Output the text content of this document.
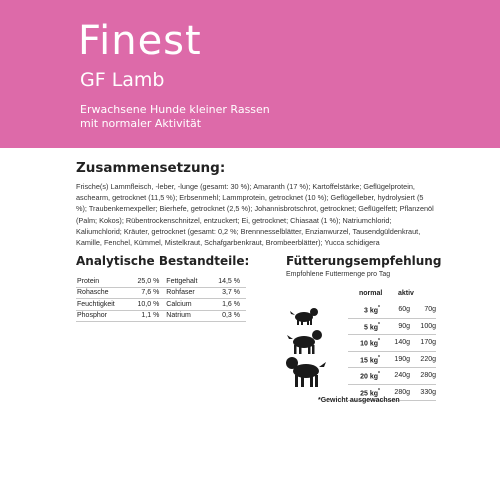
Finest
GF Lamb
Erwachsene Hunde kleiner Rassen
mit normaler Aktivität
Zusammensetzung:
Frische(s) Lammfleisch, -leber, -lunge (gesamt: 30 %); Amaranth (17 %); Kartoffelstärke; Geflügelprotein, aschearm, getrocknet (11,5 %); Erbsenmehl; Lammprotein, getrocknet (10 %); Geflügelleber, hydrolysiert (5 %); Traubenkernexpeller; Bierhefe, getrocknet (2,5 %); Johannisbrotschrot, getrocknet; Geflügelfett; Pflanzenöl (Palm; Kokos); Rübentrockenschnitzel, entzuckert; Ei, getrocknet; Chiasaat (1 %); Natriumchlorid; Kaliumchlorid; Kräuter, getrocknet (gesamt: 0,2 %; Brennnesselblätter, Enzianwurzel, Tausendgüldenkraut, Kamille, Fenchel, Kümmel, Mistelkraut, Schafgarbenkraut, Brombeerblätter); Yucca schidigera
Analytische Bestandteile:
Protein	25,0 %	Fettgehalt	14,5 %
Rohasche	7,6 %	Rohfaser	3,7 %
Feuchtigkeit	10,0 %	Calcium	1,6 %
Phosphor	1,1 %	Natrium	0,3 %
Fütterungsempfehlung
Empfohlene Futtermenge pro Tag
normal aktiv
3 kg*	60g	70g
5 kg*	90g	100g
10 kg*	140g	170g
15 kg*	190g	220g
20 kg*	240g	280g
25 kg*	280g	330g
*Gewicht ausgewachsen
